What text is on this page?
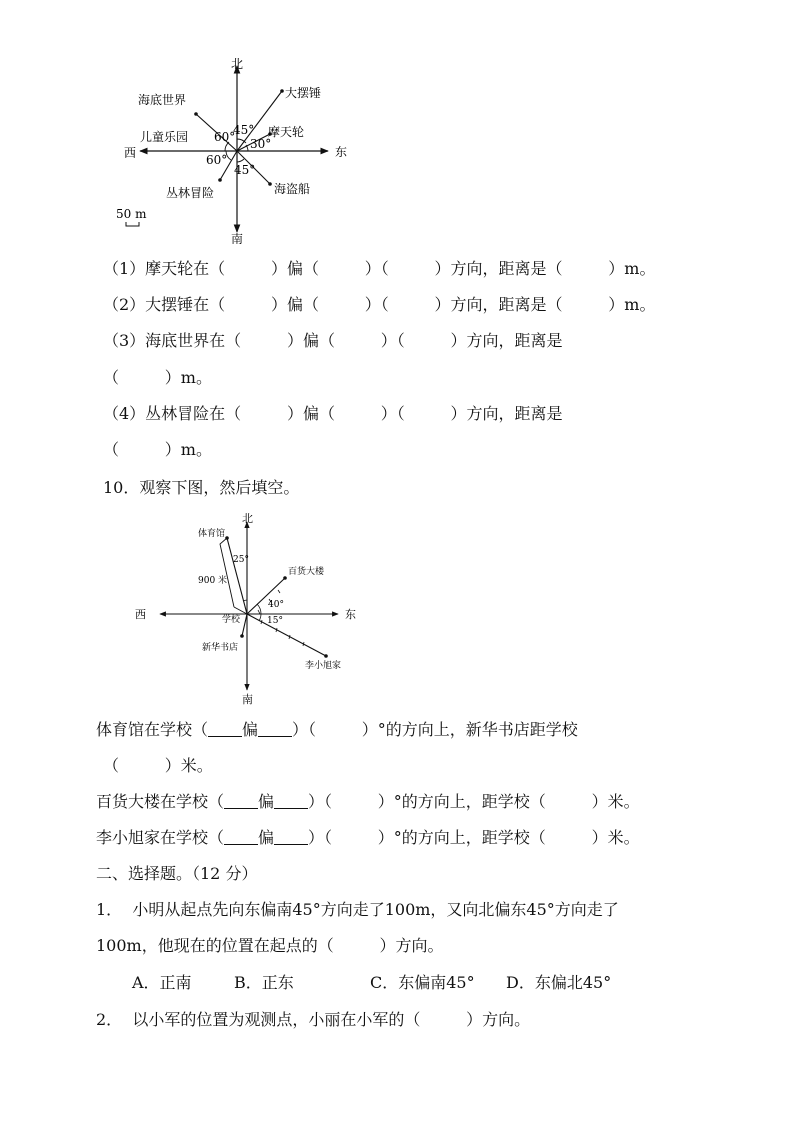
北
南
西	东
大摆锤
海底世界
儿童乐园	摩天轮
丛林冒险	海盗船
45°
60° 30°
60°
45°
50 m
（1）摩天轮在（         ）偏（         ）（         ）方向，距离是（         ）m。
（2）大摆锤在（         ）偏（         ）（         ）方向，距离是（         ）m。
（3）海底世界在（         ）偏（         ）（         ）方向，距离是
（         ）m。
（4）丛林冒险在（         ）偏（         ）（         ）方向，距离是
（         ）m。
10．观察下图，然后填空。
北
南
西	东
体育馆
百货大楼
学校
新华书店
李小旭家
25°
40°
15°
900 米
体育馆在学校（ 偏 ）（         ）°的方向上，新华书店距学校
（         ）米。
百货大楼在学校（ 偏 ）（         ）°的方向上，距学校（         ）米。
李小旭家在学校（ 偏 ）（         ）°的方向上，距学校（         ）米。
二、选择题。（12 分）
1．  小明从起点先向东偏南45°方向走了100m，又向北偏东45°方向走了
100m，他现在的位置在起点的（         ）方向。
A．正南	B．正东	C．东偏南45° D．东偏北45°
2．  以小军的位置为观测点，小丽在小军的（         ）方向。
